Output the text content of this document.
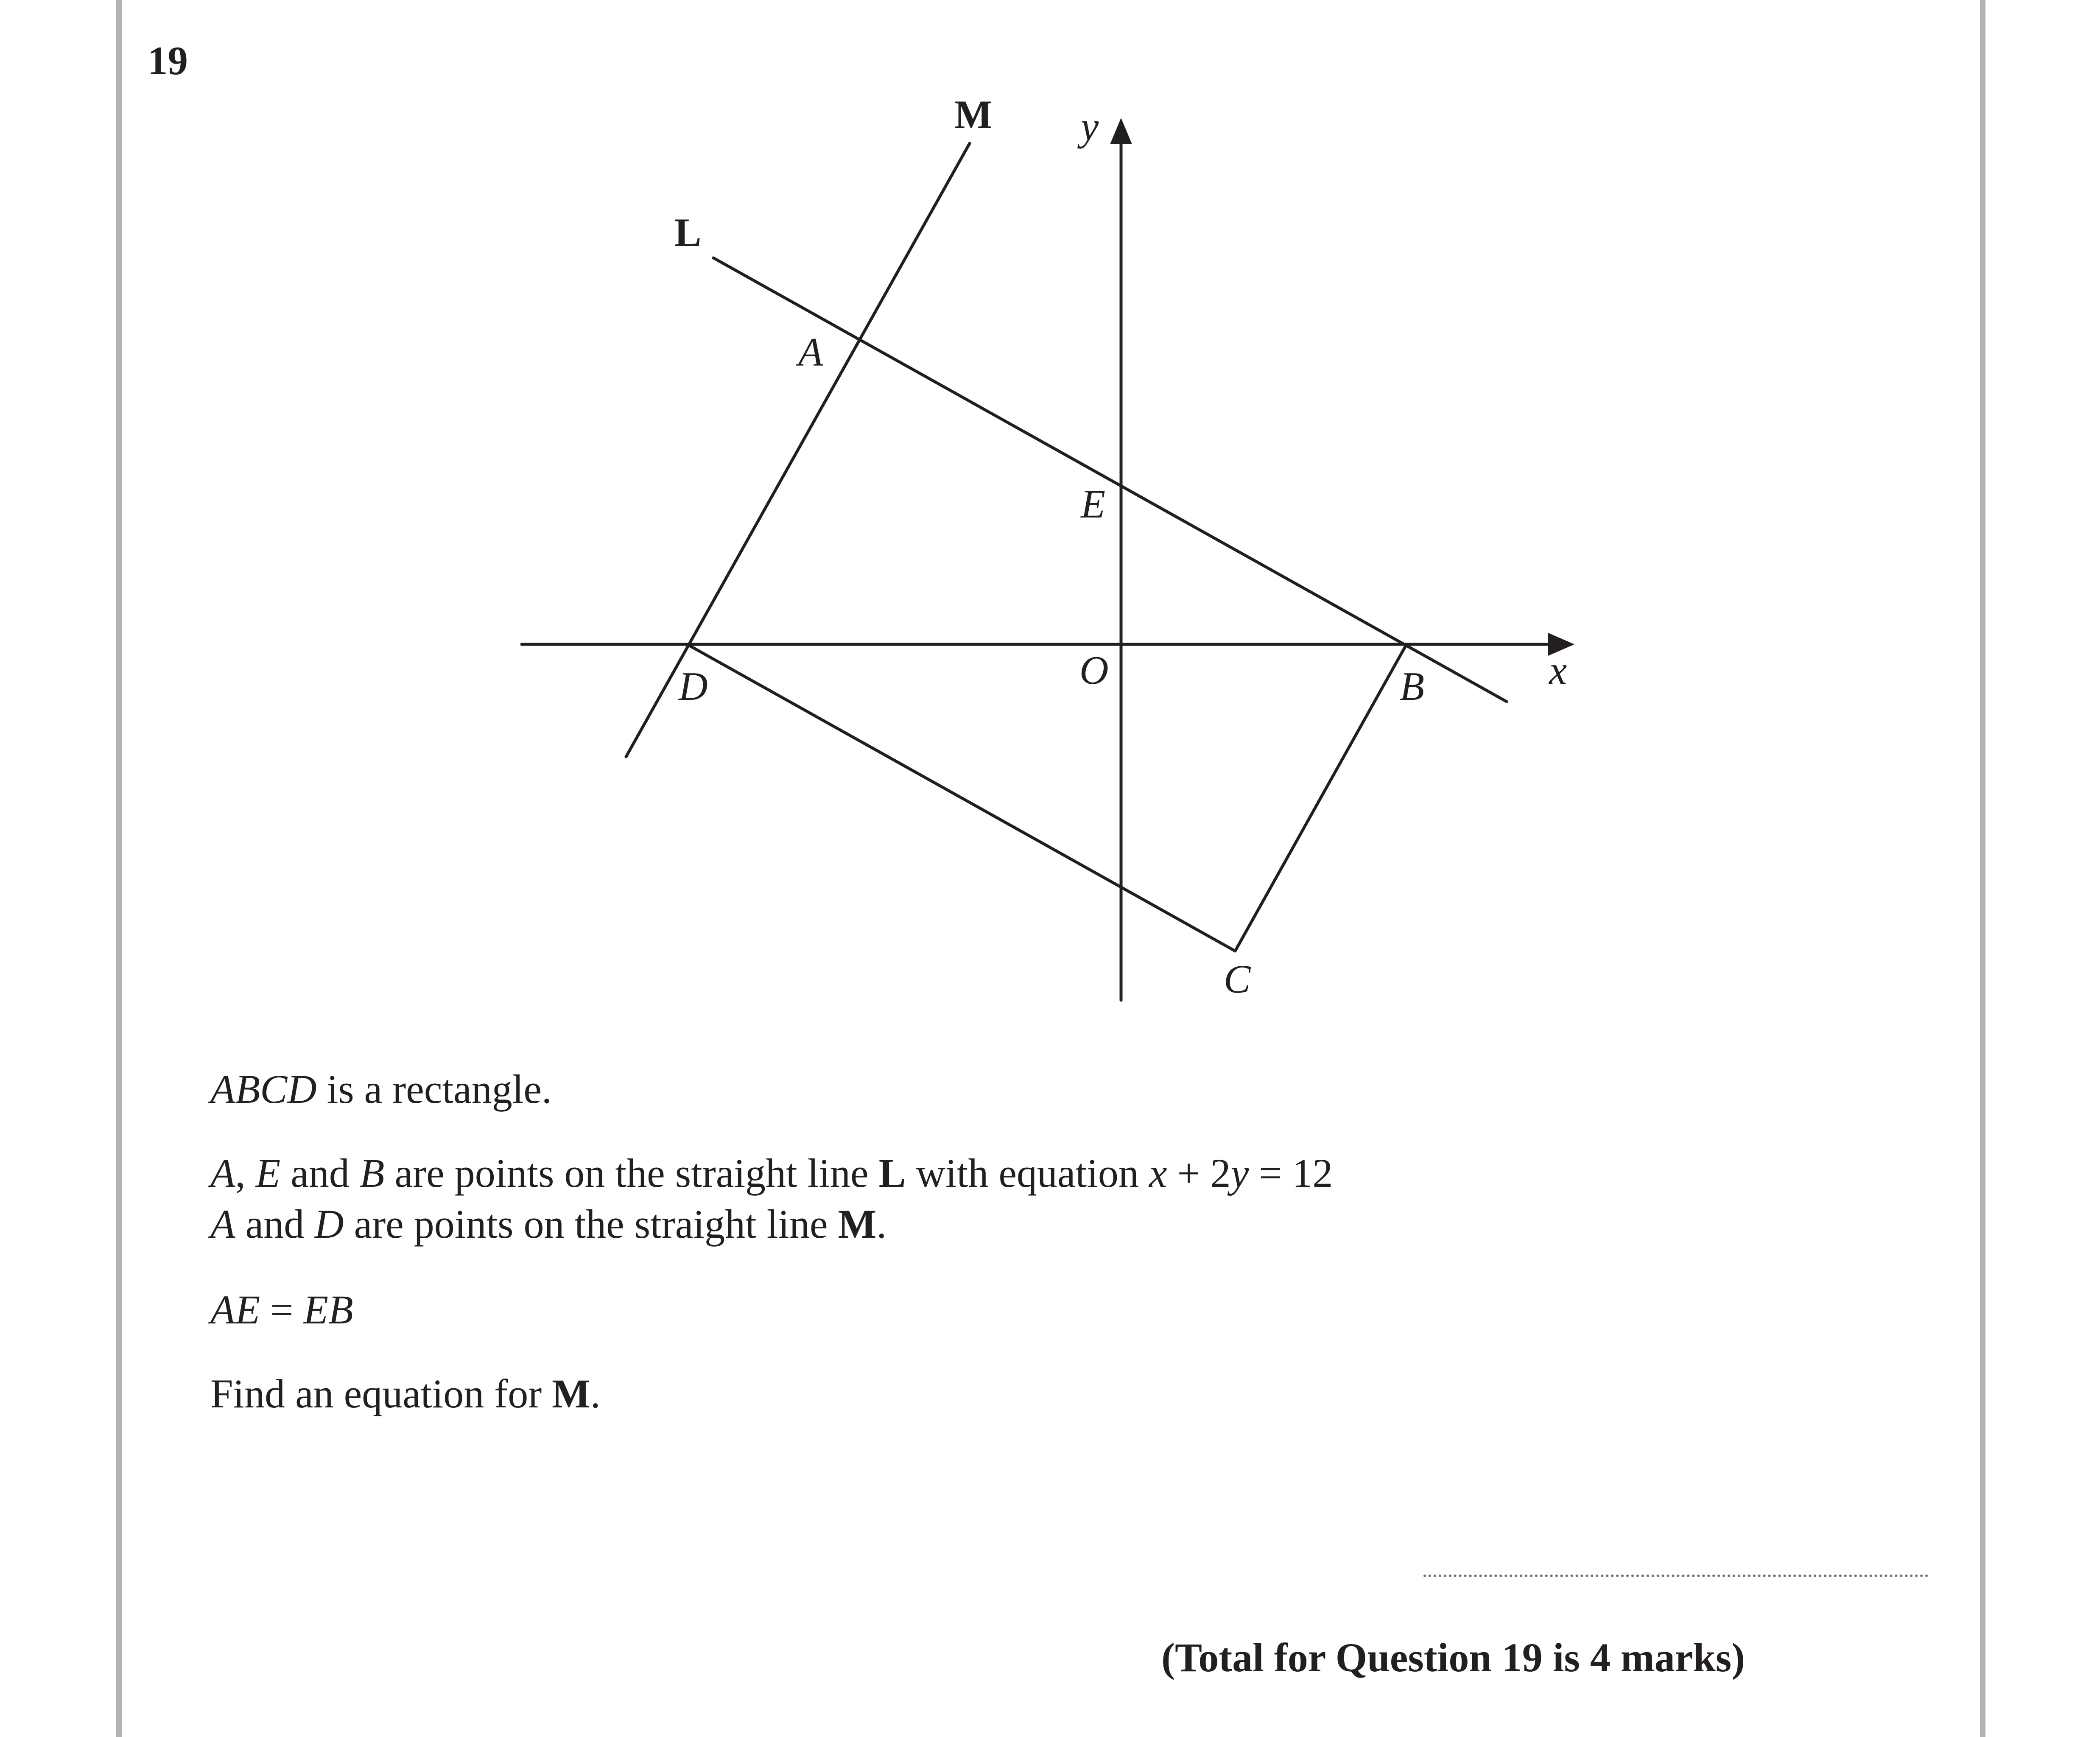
19
M
L
y
x
A
E
O
D	B
C

ABCD is a rectangle.

A, E and B are points on the straight line L with equation x + 2y = 12

A and D are points on the straight line M.

AE = EB

Find an equation for M.

(Total for Question 19 is 4 marks)
